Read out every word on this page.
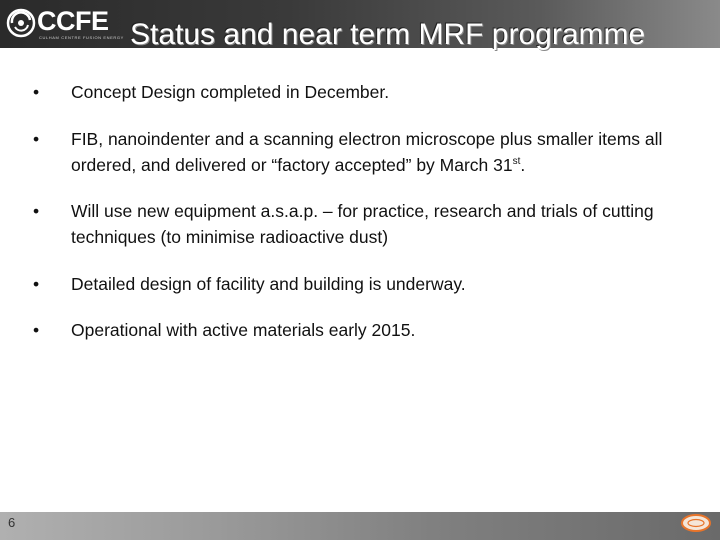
CCFE
CULHAM CENTRE FUSION ENERGY Status and near term MRF programme
• Concept Design completed in December.
• FIB, nanoindenter and a scanning electron microscope plus smaller items all ordered, and delivered or “factory accepted” by March 31st.
• Will use new equipment a.s.a.p. – for practice, research and trials of cutting techniques (to minimise radioactive dust)
• Detailed design of facility and building is underway.
• Operational with active materials early 2015.
6
